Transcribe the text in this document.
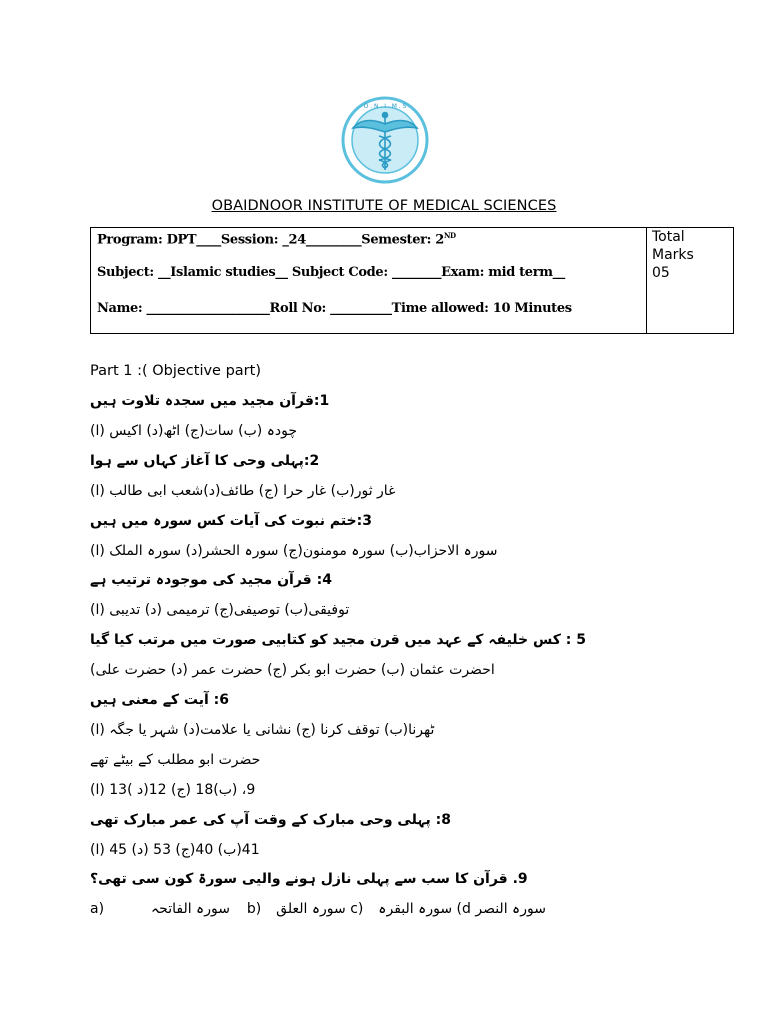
O . N . I . M . S
OBAIDNOOR INSTITUTE OF MEDICAL SCIENCES
Program: DPT____Session: _24_________Semester: 2ND
Subject: __Islamic studies__ Subject Code: ________Exam: mid term__
Name: ____________________Roll No: __________Time allowed: 10 Minutes
Total
Marks
05
Part 1 :( Objective part)
1:قرآن مجید میں سجدہ تلاوت ہیں
چودہ (ب) سات(ج) اٹھ(د) اکیس (ا)
2:پہلی وحی کا آغاز کہاں سے ہوا
غار ثور(ب) غار حرا (ج) طائف(د)شعب ابی طالب (ا)
3:ختم نبوت کی آیات کس سورہ میں ہیں
سورہ الاحزاب(ب) سورہ مومنون(ج) سورہ الحشر(د) سورہ الملک (ا)
4: قرآن مجید کی موجودہ ترتیب ہے
توفیقی(ب) توصیفی(ج) ترمیمی (د) تدیبی (ا)
5 : کس خلیفہ کے عہد میں قرن مجید کو کتابیی صورت میں مرتب کیا گیا
احضرت عثمان (ب) حضرت ابو بکر (ج) حضرت عمر (د) حضرت علی)
6: آیت کے معنی ہیں
ٹھرنا(ب) توقف کرنا (ج) نشانی یا علامت(د) شہر یا جگہ (ا)
حضرت ابو مطلب کے بیٹے تھے
9، (ب)18 (ج) 12(د )13 (ا)
8: پہلی وحی مبارک کے وقت آپ کی عمر مبارک تھی
41(ب) 40(ج) 53 (د) 45 (ا)
9. قرآن کا سب سے پہلی نازل ہونے والیی سورۃ کون سی تھی؟
a)	سورہ الفاتحہ b) سورہ العلق c) سورہ البقرہ (d سورہ النصر
